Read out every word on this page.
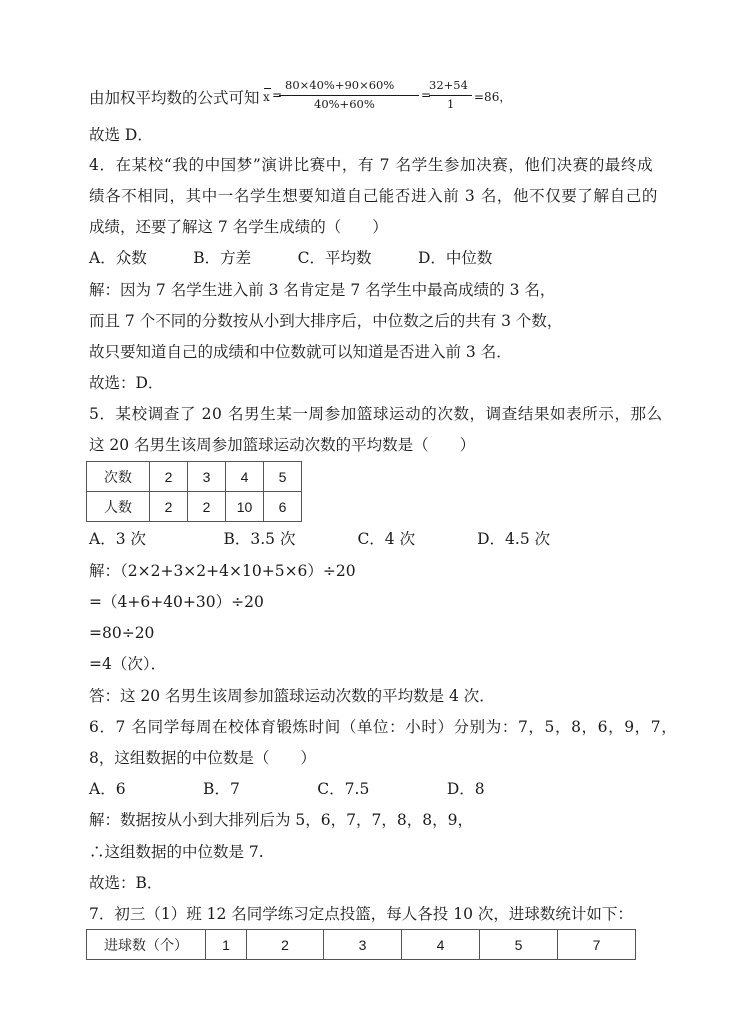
由加权平均数的公式可知 x =
80×40%+90×60%
40%+60%
=
32+54
1 =86，
故选 D．
4．在某校“我的中国梦”演讲比赛中，有 7 名学生参加决赛，他们决赛的最终成
绩各不相同，其中一名学生想要知道自己能否进入前 3 名，他不仅要了解自己的
成绩，还要了解这 7 名学生成绩的（　　）
A．众数　　　B．方差　　　C．平均数　　　D．中位数
解：因为 7 名学生进入前 3 名肯定是 7 名学生中最高成绩的 3 名，
而且 7 个不同的分数按从小到大排序后，中位数之后的共有 3 个数，
故只要知道自己的成绩和中位数就可以知道是否进入前 3 名．
故选：D．
5．某校调查了 20 名男生某一周参加篮球运动的次数，调查结果如表所示，那么
这 20 名男生该周参加篮球运动次数的平均数是（　　）
次数	2	3	4	5
人数	2	2	10	6
A．3 次　　　　　B．3.5 次　　　　C．4 次　　　　D．4.5 次
解：（2×2+3×2+4×10+5×6）÷20
=（4+6+40+30）÷20
=80÷20
=4（次）．
答：这 20 名男生该周参加篮球运动次数的平均数是 4 次．
6．7 名同学每周在校体育锻炼时间（单位：小时）分别为：7，5，8，6，9，7，
8，这组数据的中位数是（　　）
A．6　　　　　B．7　　　　　C．7.5　　　　　D．8
解：数据按从小到大排列后为 5，6，7，7，8，8，9，
∴这组数据的中位数是 7.
故选：B．
7．初三（1）班 12 名同学练习定点投篮，每人各投 10 次，进球数统计如下：
进球数（个）	1	2	3	4	5	7
